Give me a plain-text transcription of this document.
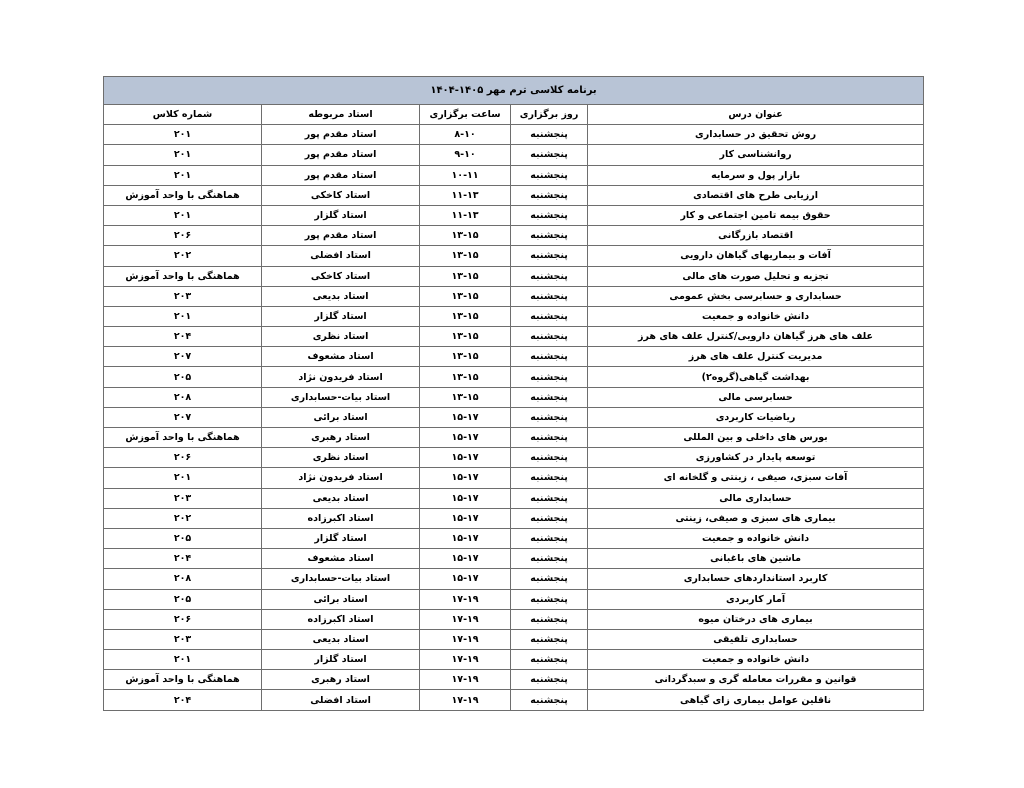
برنامه کلاسی ترم مهر ۱۴۰۵-۱۴۰۴				
عنوان درس	روز برگزاری	ساعت برگزاری	استاد مربوطه	شماره کلاس
روش تحقیق در حسابداری	پنجشنبه	۸-۱۰	استاد مقدم پور	۲۰۱
روانشناسی کار	پنجشنبه	۹-۱۰	استاد مقدم پور	۲۰۱
بازار پول و سرمایه	پنجشنبه	۱۰-۱۱	استاد مقدم پور	۲۰۱
ارزیابی طرح های اقتصادی	پنجشنبه	۱۱-۱۳	استاد کاخکی	هماهنگی با واحد آموزش
حقوق بیمه تامین اجتماعی و کار	پنجشنبه	۱۱-۱۳	استاد گلزار	۲۰۱
اقتصاد بازرگانی	پنجشنبه	۱۳-۱۵	استاد مقدم پور	۲۰۶
آفات و بیماریهای گیاهان دارویی	پنجشنبه	۱۳-۱۵	استاد افضلی	۲۰۲
تجزیه و تحلیل صورت های مالی	پنجشنبه	۱۳-۱۵	استاد کاخکی	هماهنگی با واحد آموزش
حسابداری و حسابرسی بخش عمومی	پنجشنبه	۱۳-۱۵	استاد بدیعی	۲۰۳
دانش خانواده و جمعیت	پنجشنبه	۱۳-۱۵	استاد گلزار	۲۰۱
علف های هرز گیاهان دارویی/کنترل علف های هرز	پنجشنبه	۱۳-۱۵	استاد نظری	۲۰۴
مدیریت کنترل علف های هرز	پنجشنبه	۱۳-۱۵	استاد مشعوف	۲۰۷
بهداشت گیاهی(گروه۲)	پنجشنبه	۱۳-۱۵	استاد فریدون نژاد	۲۰۵
حسابرسی مالی	پنجشنبه	۱۳-۱۵	استاد بیات-حسابداری	۲۰۸
ریاضیات کاربردی	پنجشنبه	۱۵-۱۷	استاد برائی	۲۰۷
بورس های داخلی و بین المللی	پنجشنبه	۱۵-۱۷	استاد رهبری	هماهنگی با واحد آموزش
توسعه پایدار در کشاورزی	پنجشنبه	۱۵-۱۷	استاد نظری	۲۰۶
آفات سبزی، صیفی ، زینتی و گلخانه ای	پنجشنبه	۱۵-۱۷	استاد فریدون نژاد	۲۰۱
حسابداری مالی	پنجشنبه	۱۵-۱۷	استاد بدیعی	۲۰۳
بیماری های سبزی و صیفی، زینتی	پنجشنبه	۱۵-۱۷	استاد اکبرزاده	۲۰۲
دانش خانواده و جمعیت	پنجشنبه	۱۵-۱۷	استاد گلزار	۲۰۵
ماشین های باغبانی	پنجشنبه	۱۵-۱۷	استاد مشعوف	۲۰۴
کاربرد استانداردهای حسابداری	پنجشنبه	۱۵-۱۷	استاد بیات-حسابداری	۲۰۸
آمار کاربردی	پنجشنبه	۱۷-۱۹	استاد برائی	۲۰۵
بیماری های درختان میوه	پنجشنبه	۱۷-۱۹	استاد اکبرزاده	۲۰۶
حسابداری تلفیقی	پنجشنبه	۱۷-۱۹	استاد بدیعی	۲۰۳
دانش خانواده و جمعیت	پنجشنبه	۱۷-۱۹	استاد گلزار	۲۰۱
قوانین و مقررات معامله گری و سبدگردانی	پنجشنبه	۱۷-۱۹	استاد رهبری	هماهنگی با واحد آموزش
ناقلین عوامل بیماری زای گیاهی	پنجشنبه	۱۷-۱۹	استاد افضلی	۲۰۴
